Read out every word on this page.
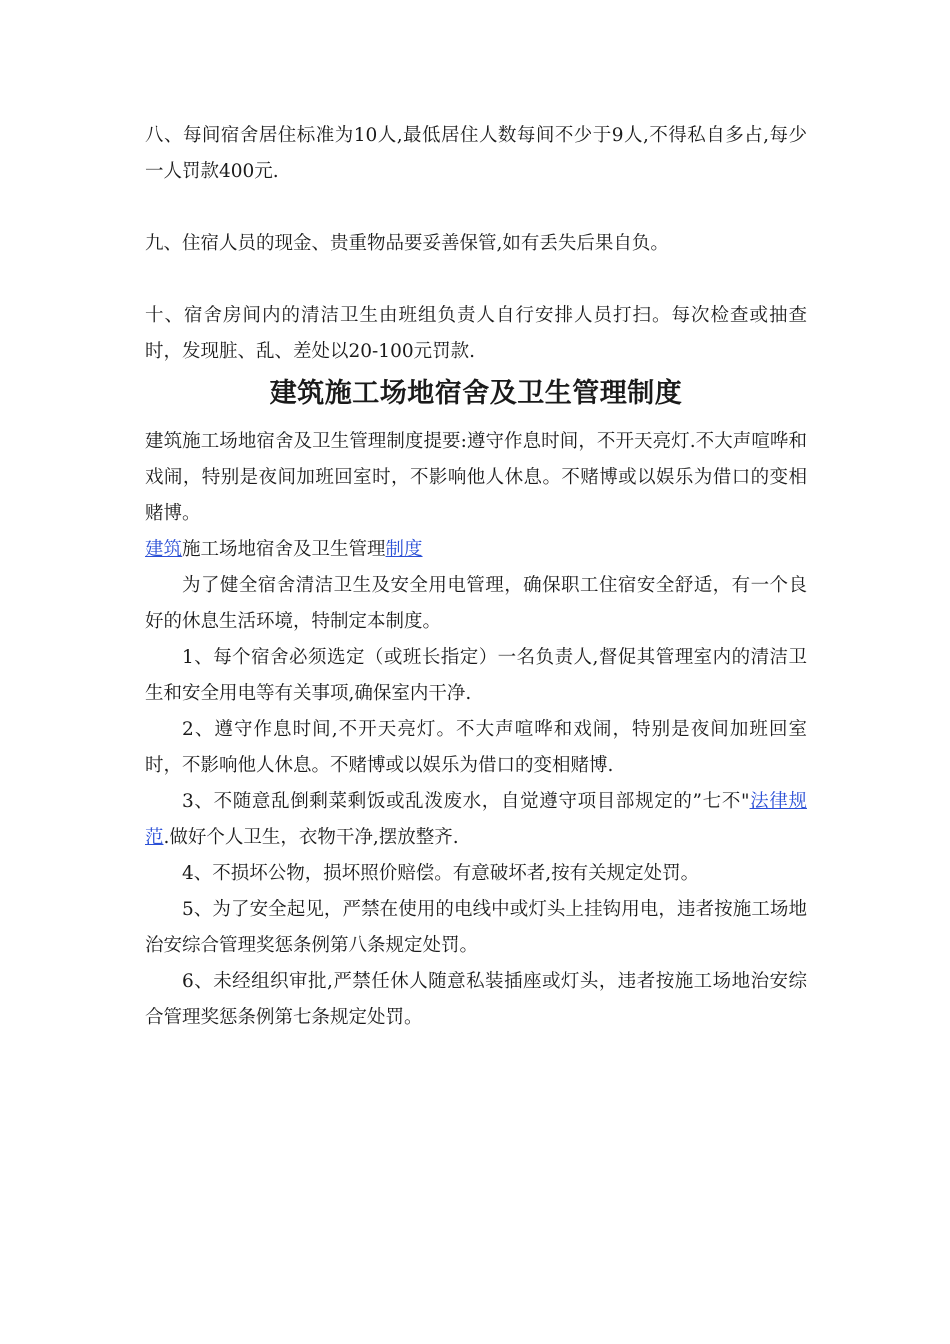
八、每间宿舍居住标准为10人,最低居住人数每间不少于9人,不得私自多占,每少一人罚款400元.

九、住宿人员的现金、贵重物品要妥善保管,如有丢失后果自负。

十、宿舍房间内的清洁卫生由班组负责人自行安排人员打扫。每次检查或抽查时，发现脏、乱、差处以20-100元罚款.

建筑施工场地宿舍及卫生管理制度

建筑施工场地宿舍及卫生管理制度提要:遵守作息时间，不开天亮灯.不大声喧哗和戏闹，特别是夜间加班回室时，不影响他人休息。不赌博或以娱乐为借口的变相赌博。

建筑施工场地宿舍及卫生管理制度

为了健全宿舍清洁卫生及安全用电管理，确保职工住宿安全舒适，有一个良好的休息生活环境，特制定本制度。

1、每个宿舍必须选定（或班长指定）一名负责人,督促其管理室内的清洁卫生和安全用电等有关事项,确保室内干净.

2、遵守作息时间,不开天亮灯。不大声喧哗和戏闹，特别是夜间加班回室时，不影响他人休息。不赌博或以娱乐为借口的变相赌博.

3、不随意乱倒剩菜剩饭或乱泼废水，自觉遵守项目部规定的”七不"法律规范.做好个人卫生，衣物干净,摆放整齐.

4、不损坏公物，损坏照价赔偿。有意破坏者,按有关规定处罚。

5、为了安全起见，严禁在使用的电线中或灯头上挂钩用电，违者按施工场地治安综合管理奖惩条例第八条规定处罚。

6、未经组织审批,严禁任休人随意私装插座或灯头，违者按施工场地治安综合管理奖惩条例第七条规定处罚。
